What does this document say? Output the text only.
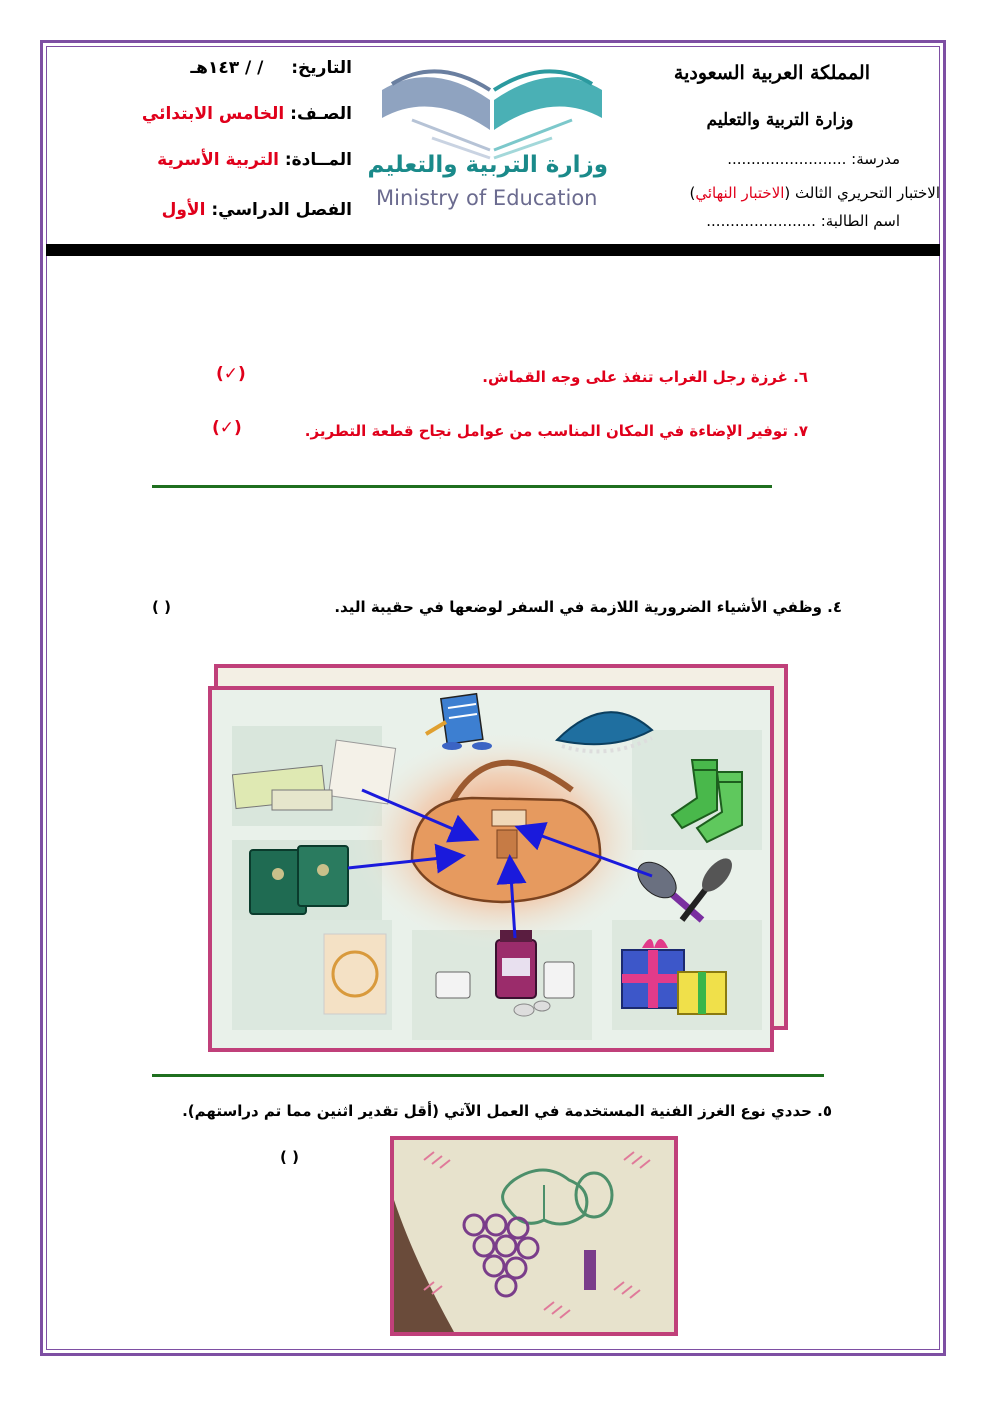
التاريخ:  / / ١٤٣هـ
الصـف: الخامس الابتدائي
المــادة: التربية الأسرية
الفصل الدراسي: الأول
وزارة التربية والتعليم
Ministry of Education
المملكة العربية السعودية
وزارة التربية والتعليم
مدرسة: .........................
الاختبار التحريري الثالث (الاختبار النهائي)
اسم الطالبة: .......................
٦. غرزة رجل الغراب تنفذ على وجه القماش.
(✓)
٧. توفير الإضاءة في المكان المناسب من عوامل نجاح قطعة التطريز.
(✓)
٤. وظفي الأشياء الضرورية اللازمة في السفر لوضعها في حقيبة اليد.
( )
٥. حددي نوع الغرز الفنية المستخدمة في العمل الآتي (أقل تقدير اثنين مما تم دراستهم).
( )
